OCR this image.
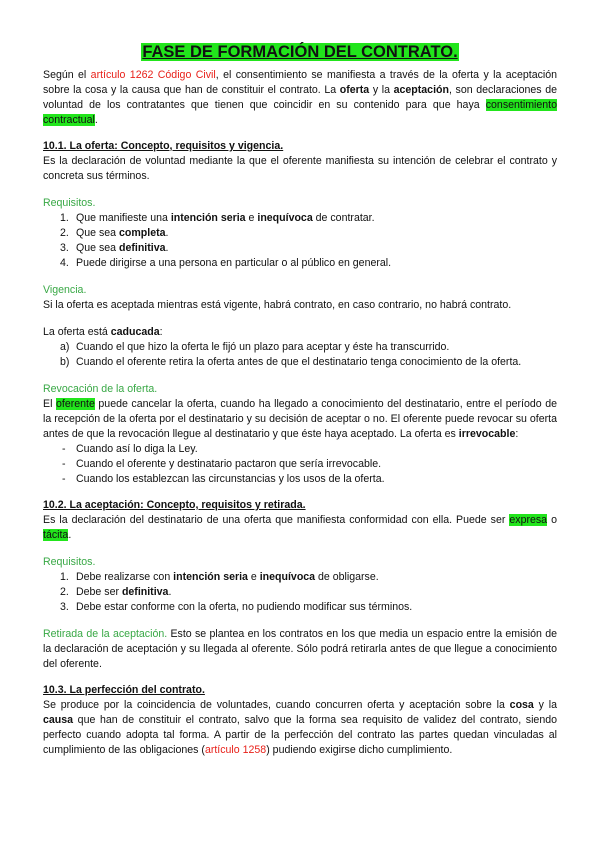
FASE DE FORMACIÓN DEL CONTRATO.

Según el artículo 1262 Código Civil, el consentimiento se manifiesta a través de la oferta y la aceptación sobre la cosa y la causa que han de constituir el contrato. La oferta y la aceptación, son declaraciones de voluntad de los contratantes que tienen que coincidir en su contenido para que haya consentimiento contractual.

10.1. La oferta: Concepto, requisitos y vigencia.

Es la declaración de voluntad mediante la que el oferente manifiesta su intención de celebrar el contrato y concreta sus términos.

Requisitos.

1. Que manifieste una intención seria e inequívoca de contratar.
2. Que sea completa.
3. Que sea definitiva.
4. Puede dirigirse a una persona en particular o al público en general.

Vigencia.

Si la oferta es aceptada mientras está vigente, habrá contrato, en caso contrario, no habrá contrato.

La oferta está caducada:

a) Cuando el que hizo la oferta le fijó un plazo para aceptar y éste ha transcurrido.
b) Cuando el oferente retira la oferta antes de que el destinatario tenga conocimiento de la oferta.

Revocación de la oferta.

El oferente puede cancelar la oferta, cuando ha llegado a conocimiento del destinatario, entre el período de la recepción de la oferta por el destinatario y su decisión de aceptar o no. El oferente puede revocar su oferta antes de que la revocación llegue al destinatario y que éste haya aceptado. La oferta es irrevocable:

- Cuando así lo diga la Ley.
- Cuando el oferente y destinatario pactaron que sería irrevocable.
- Cuando los establezcan las circunstancias y los usos de la oferta.

10.2. La aceptación: Concepto, requisitos y retirada.

Es la declaración del destinatario de una oferta que manifiesta conformidad con ella. Puede ser expresa o tácita.

Requisitos.

1. Debe realizarse con intención seria e inequívoca de obligarse.
2. Debe ser definitiva.
3. Debe estar conforme con la oferta, no pudiendo modificar sus términos.

Retirada de la aceptación. Esto se plantea en los contratos en los que media un espacio entre la emisión de la declaración de aceptación y su llegada al oferente. Sólo podrá retirarla antes de que llegue a conocimiento del oferente.

10.3. La perfección del contrato.

Se produce por la coincidencia de voluntades, cuando concurren oferta y aceptación sobre la cosa y la causa que han de constituir el contrato, salvo que la forma sea requisito de validez del contrato, siendo perfecto cuando adopta tal forma. A partir de la perfección del contrato las partes quedan vinculadas al cumplimiento de las obligaciones (artículo 1258) pudiendo exigirse dicho cumplimiento.
